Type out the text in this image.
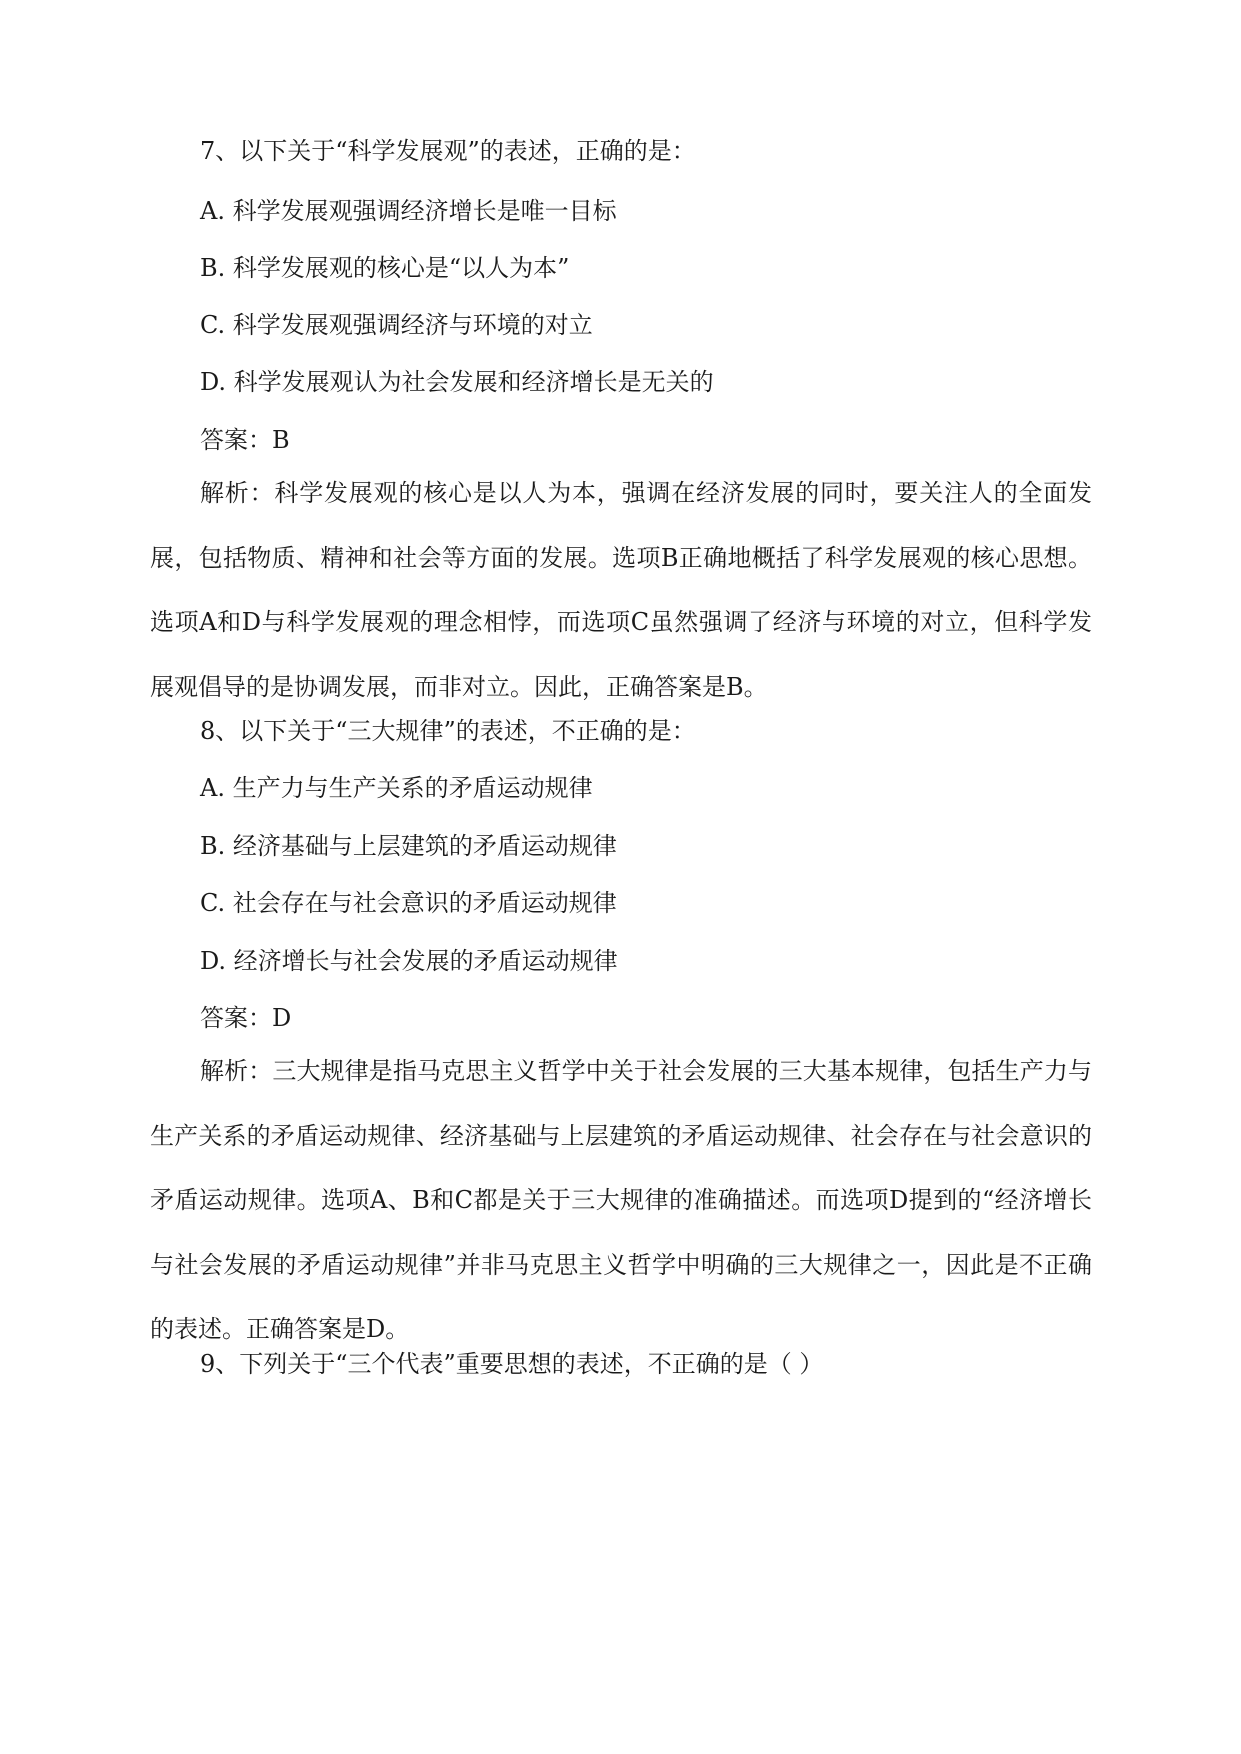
7、以下关于“科学发展观”的表述，正确的是：
A. 科学发展观强调经济增长是唯一目标
B. 科学发展观的核心是“以人为本”
C. 科学发展观强调经济与环境的对立
D. 科学发展观认为社会发展和经济增长是无关的
答案：B
解析：科学发展观的核心是以人为本，强调在经济发展的同时，要关注人的全面发展，包括物质、精神和社会等方面的发展。选项B正确地概括了科学发展观的核心思想。选项A和D与科学发展观的理念相悖，而选项C虽然强调了经济与环境的对立，但科学发展观倡导的是协调发展，而非对立。因此，正确答案是B。
8、以下关于“三大规律”的表述，不正确的是：
A. 生产力与生产关系的矛盾运动规律
B. 经济基础与上层建筑的矛盾运动规律
C. 社会存在与社会意识的矛盾运动规律
D. 经济增长与社会发展的矛盾运动规律
答案：D
解析：三大规律是指马克思主义哲学中关于社会发展的三大基本规律，包括生产力与生产关系的矛盾运动规律、经济基础与上层建筑的矛盾运动规律、社会存在与社会意识的矛盾运动规律。选项A、B和C都是关于三大规律的准确描述。而选项D提到的“经济增长与社会发展的矛盾运动规律”并非马克思主义哲学中明确的三大规律之一，因此是不正确的表述。正确答案是D。
9、下列关于“三个代表”重要思想的表述，不正确的是（ ）
